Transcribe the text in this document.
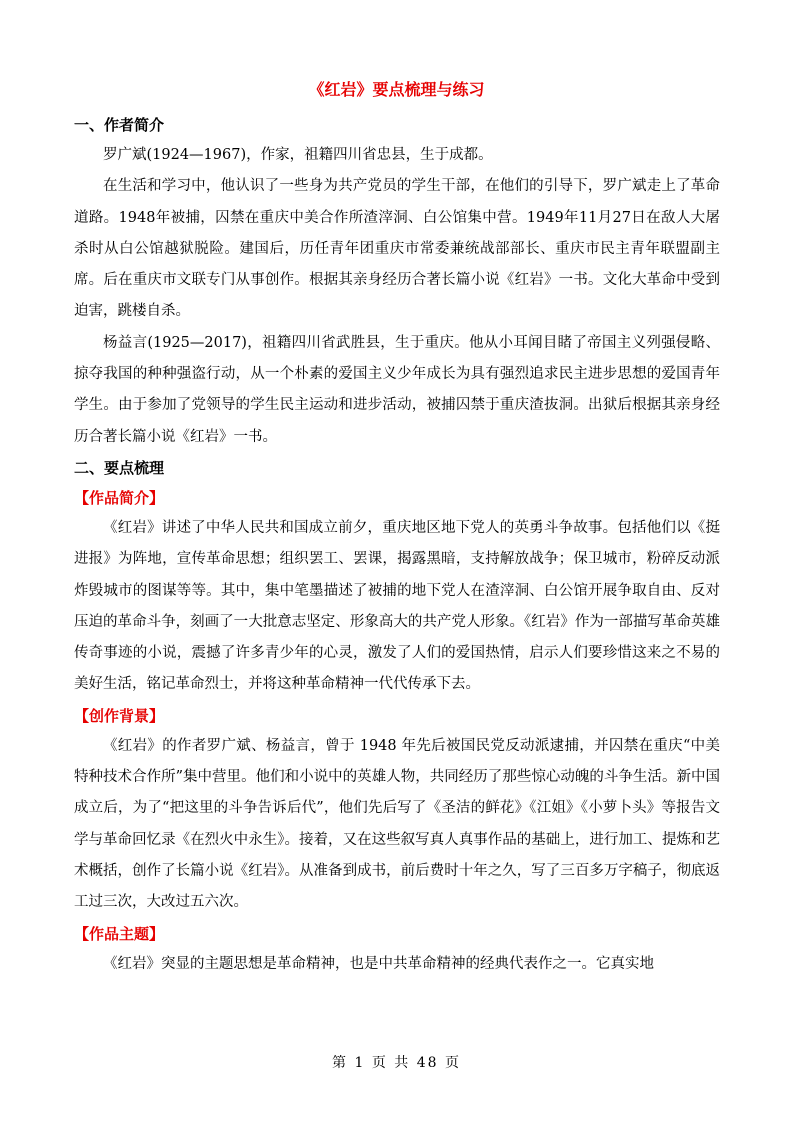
《红岩》要点梳理与练习
一、作者简介

罗广斌(1924—1967)，作家，祖籍四川省忠县，生于成都。

在生活和学习中，他认识了一些身为共产党员的学生干部，在他们的引导下，罗广斌走上了革命道路。1948年被捕，囚禁在重庆中美合作所渣滓洞、白公馆集中营。1949年11月27日在敌人大屠杀时从白公馆越狱脱险。建国后，历任青年团重庆市常委兼统战部部长、重庆市民主青年联盟副主席。后在重庆市文联专门从事创作。根据其亲身经历合著长篇小说《红岩》一书。文化大革命中受到迫害，跳楼自杀。

杨益言(1925—2017)，祖籍四川省武胜县，生于重庆。他从小耳闻目睹了帝国主义列强侵略、掠夺我国的种种强盗行动，从一个朴素的爱国主义少年成长为具有强烈追求民主进步思想的爱国青年学生。由于参加了党领导的学生民主运动和进步活动，被捕囚禁于重庆渣抜洞。出狱后根据其亲身经历合著长篇小说《红岩》一书。

二、要点梳理
【作品简介】

《红岩》讲述了中华人民共和国成立前夕，重庆地区地下党人的英勇斗争故事。包括他们以《挺进报》为阵地，宣传革命思想；组织罢工、罢课，揭露黑暗，支持解放战争；保卫城市，粉碎反动派炸毁城市的图谋等等。其中，集中笔墨描述了被捕的地下党人在渣滓洞、白公馆开展争取自由、反对压迫的革命斗争，刻画了一大批意志坚定、形象高大的共产党人形象。《红岩》作为一部描写革命英雄传奇事迹的小说，震撼了许多青少年的心灵，激发了人们的爱国热情，启示人们要珍惜这来之不易的美好生活，铭记革命烈士，并将这种革命精神一代代传承下去。

【创作背景】

《红岩》的作者罗广斌、杨益言，曾于 1948 年先后被国民党反动派逮捕，并囚禁在重庆“中美特种技术合作所”集中营里。他们和小说中的英雄人物，共同经历了那些惊心动魄的斗争生活。新中国成立后，为了“把这里的斗争告诉后代”，他们先后写了《圣洁的鲜花》《江姐》《小萝卜头》等报告文学与革命回忆录《在烈火中永生》。接着，又在这些叙写真人真事作品的基础上，进行加工、提炼和艺术概括，创作了长篇小说《红岩》。从准备到成书，前后费时十年之久，写了三百多万字稿子，彻底返工过三次，大改过五六次。

【作品主题】

《红岩》突显的主题思想是革命精神，也是中共革命精神的经典代表作之一。它真实地

第 1 页 共 48 页
